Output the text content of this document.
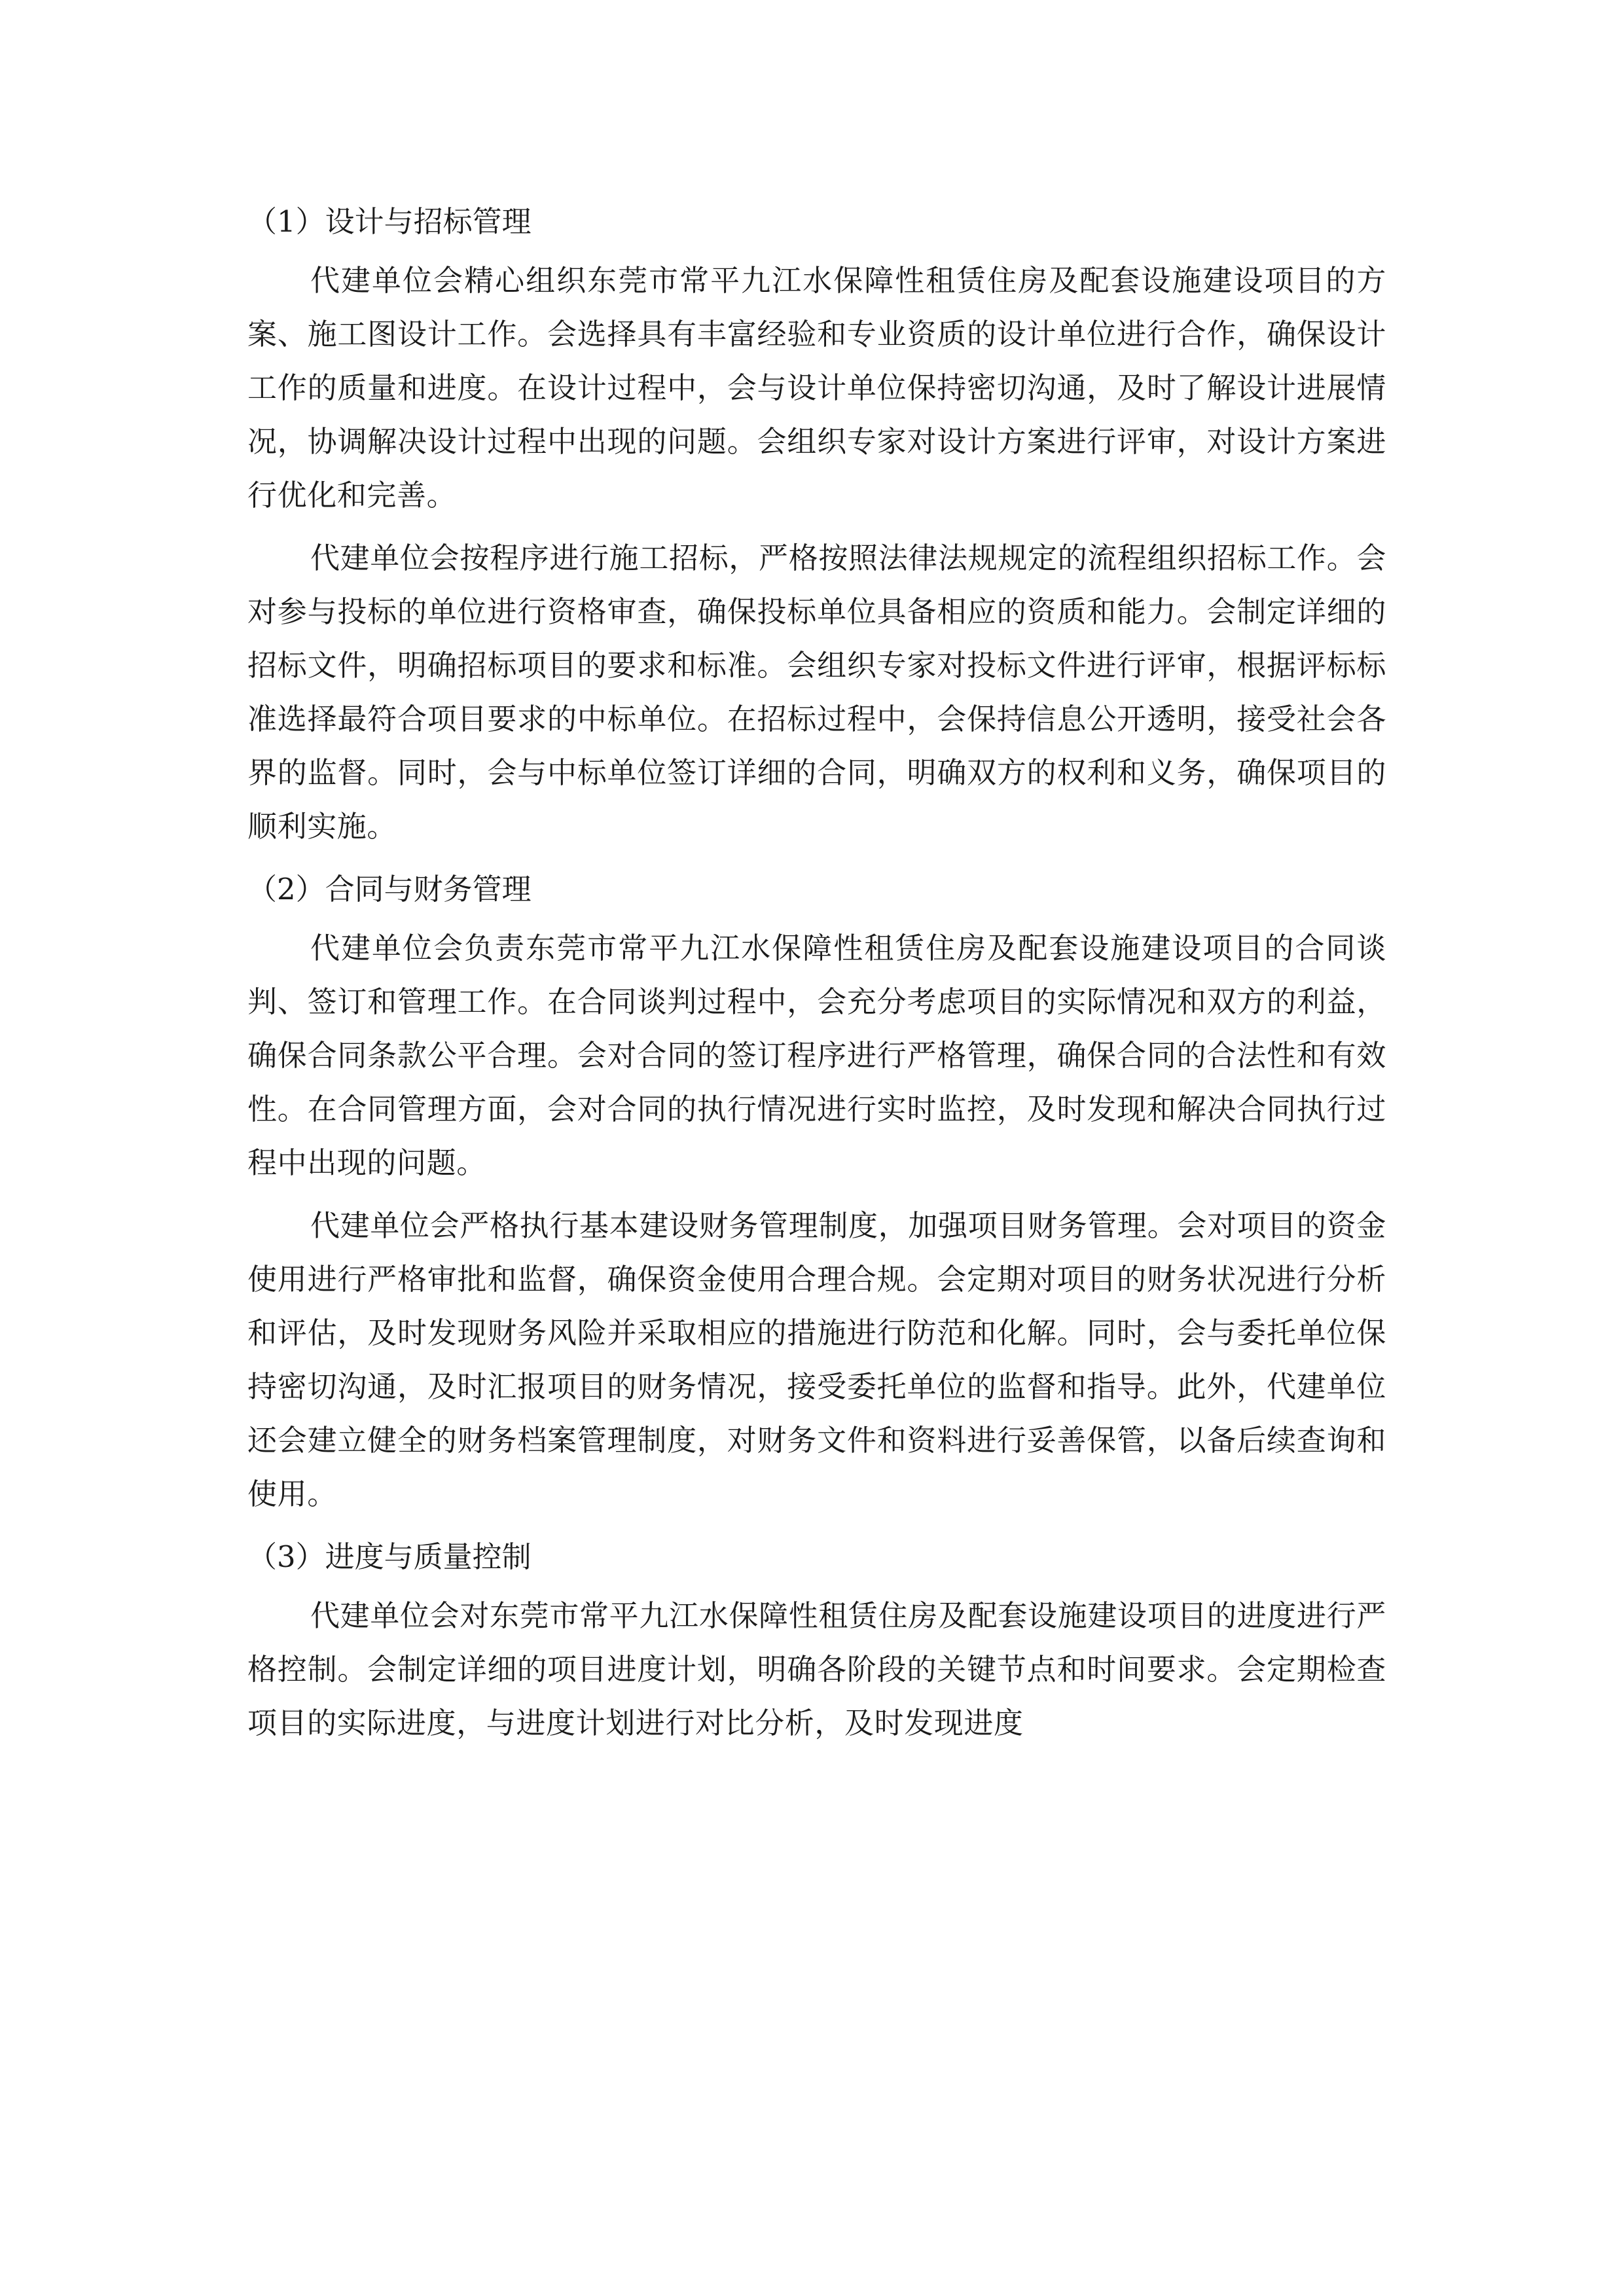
（1）设计与招标管理

代建单位会精心组织东莞市常平九江水保障性租赁住房及配套设施建设项目的方案、施工图设计工作。会选择具有丰富经验和专业资质的设计单位进行合作，确保设计工作的质量和进度。在设计过程中，会与设计单位保持密切沟通，及时了解设计进展情况，协调解决设计过程中出现的问题。会组织专家对设计方案进行评审，对设计方案进行优化和完善。

代建单位会按程序进行施工招标，严格按照法律法规规定的流程组织招标工作。会对参与投标的单位进行资格审查，确保投标单位具备相应的资质和能力。会制定详细的招标文件，明确招标项目的要求和标准。会组织专家对投标文件进行评审，根据评标标准选择最符合项目要求的中标单位。在招标过程中，会保持信息公开透明，接受社会各界的监督。同时，会与中标单位签订详细的合同，明确双方的权利和义务，确保项目的顺利实施。

（2）合同与财务管理

代建单位会负责东莞市常平九江水保障性租赁住房及配套设施建设项目的合同谈判、签订和管理工作。在合同谈判过程中，会充分考虑项目的实际情况和双方的利益，确保合同条款公平合理。会对合同的签订程序进行严格管理，确保合同的合法性和有效性。在合同管理方面，会对合同的执行情况进行实时监控，及时发现和解决合同执行过程中出现的问题。

代建单位会严格执行基本建设财务管理制度，加强项目财务管理。会对项目的资金使用进行严格审批和监督，确保资金使用合理合规。会定期对项目的财务状况进行分析和评估，及时发现财务风险并采取相应的措施进行防范和化解。同时，会与委托单位保持密切沟通，及时汇报项目的财务情况，接受委托单位的监督和指导。此外，代建单位还会建立健全的财务档案管理制度，对财务文件和资料进行妥善保管，以备后续查询和使用。

（3）进度与质量控制

代建单位会对东莞市常平九江水保障性租赁住房及配套设施建设项目的进度进行严格控制。会制定详细的项目进度计划，明确各阶段的关键节点和时间要求。会定期检查项目的实际进度，与进度计划进行对比分析，及时发现进度
